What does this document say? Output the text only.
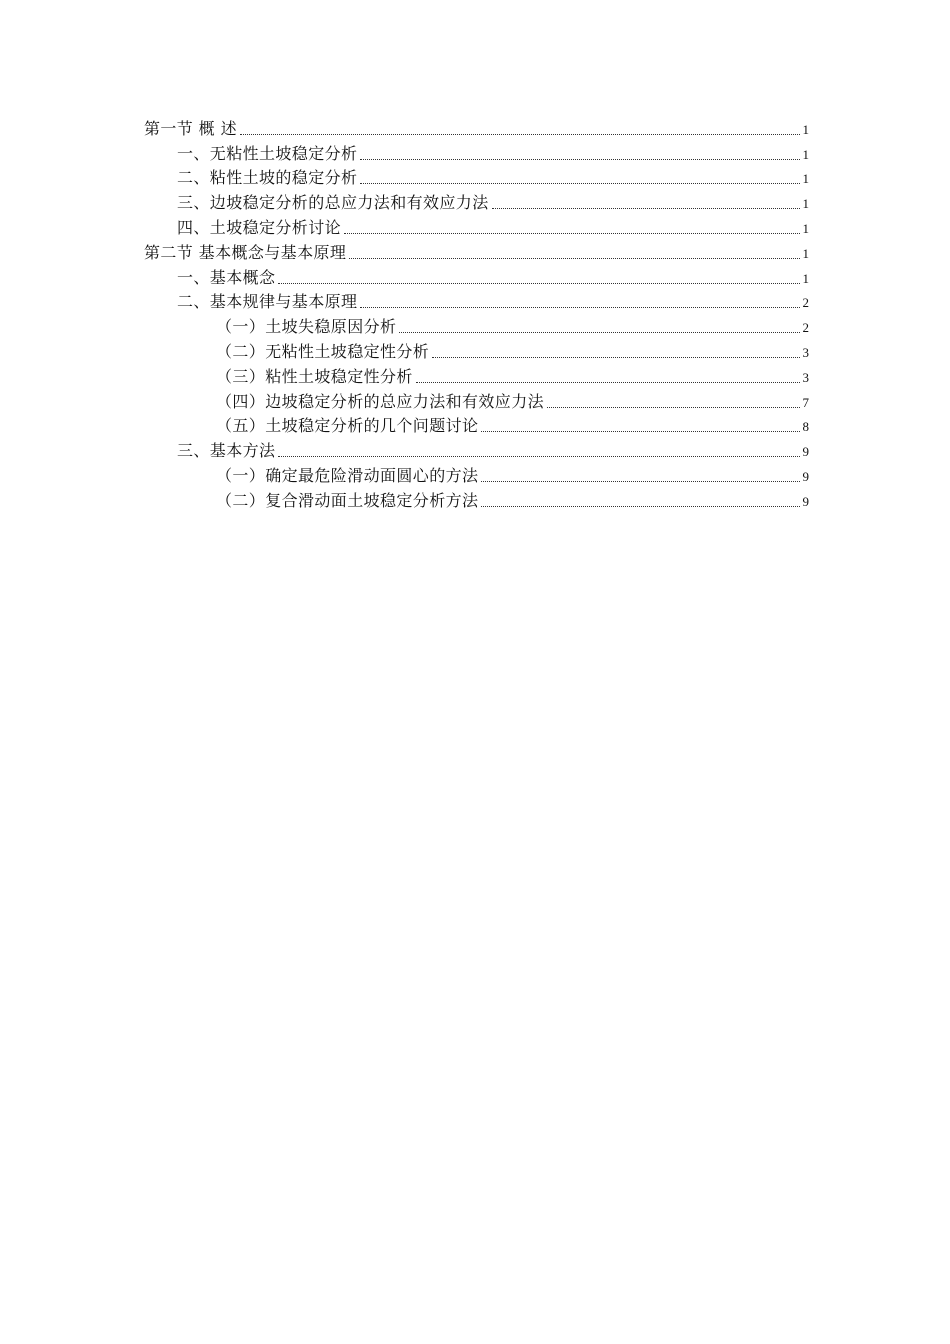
第一节 概 述	1
一、无粘性土坡稳定分析	1
二、粘性土坡的稳定分析	1
三、边坡稳定分析的总应力法和有效应力法	1
四、土坡稳定分析讨论	1
第二节 基本概念与基本原理	1
一、基本概念	1
二、基本规律与基本原理	2
（一）土坡失稳原因分析	2
（二）无粘性土坡稳定性分析	3
（三）粘性土坡稳定性分析	3
（四）边坡稳定分析的总应力法和有效应力法	7
（五）土坡稳定分析的几个问题讨论	8
三、基本方法	9
（一）确定最危险滑动面圆心的方法	9
（二）复合滑动面土坡稳定分析方法	9
